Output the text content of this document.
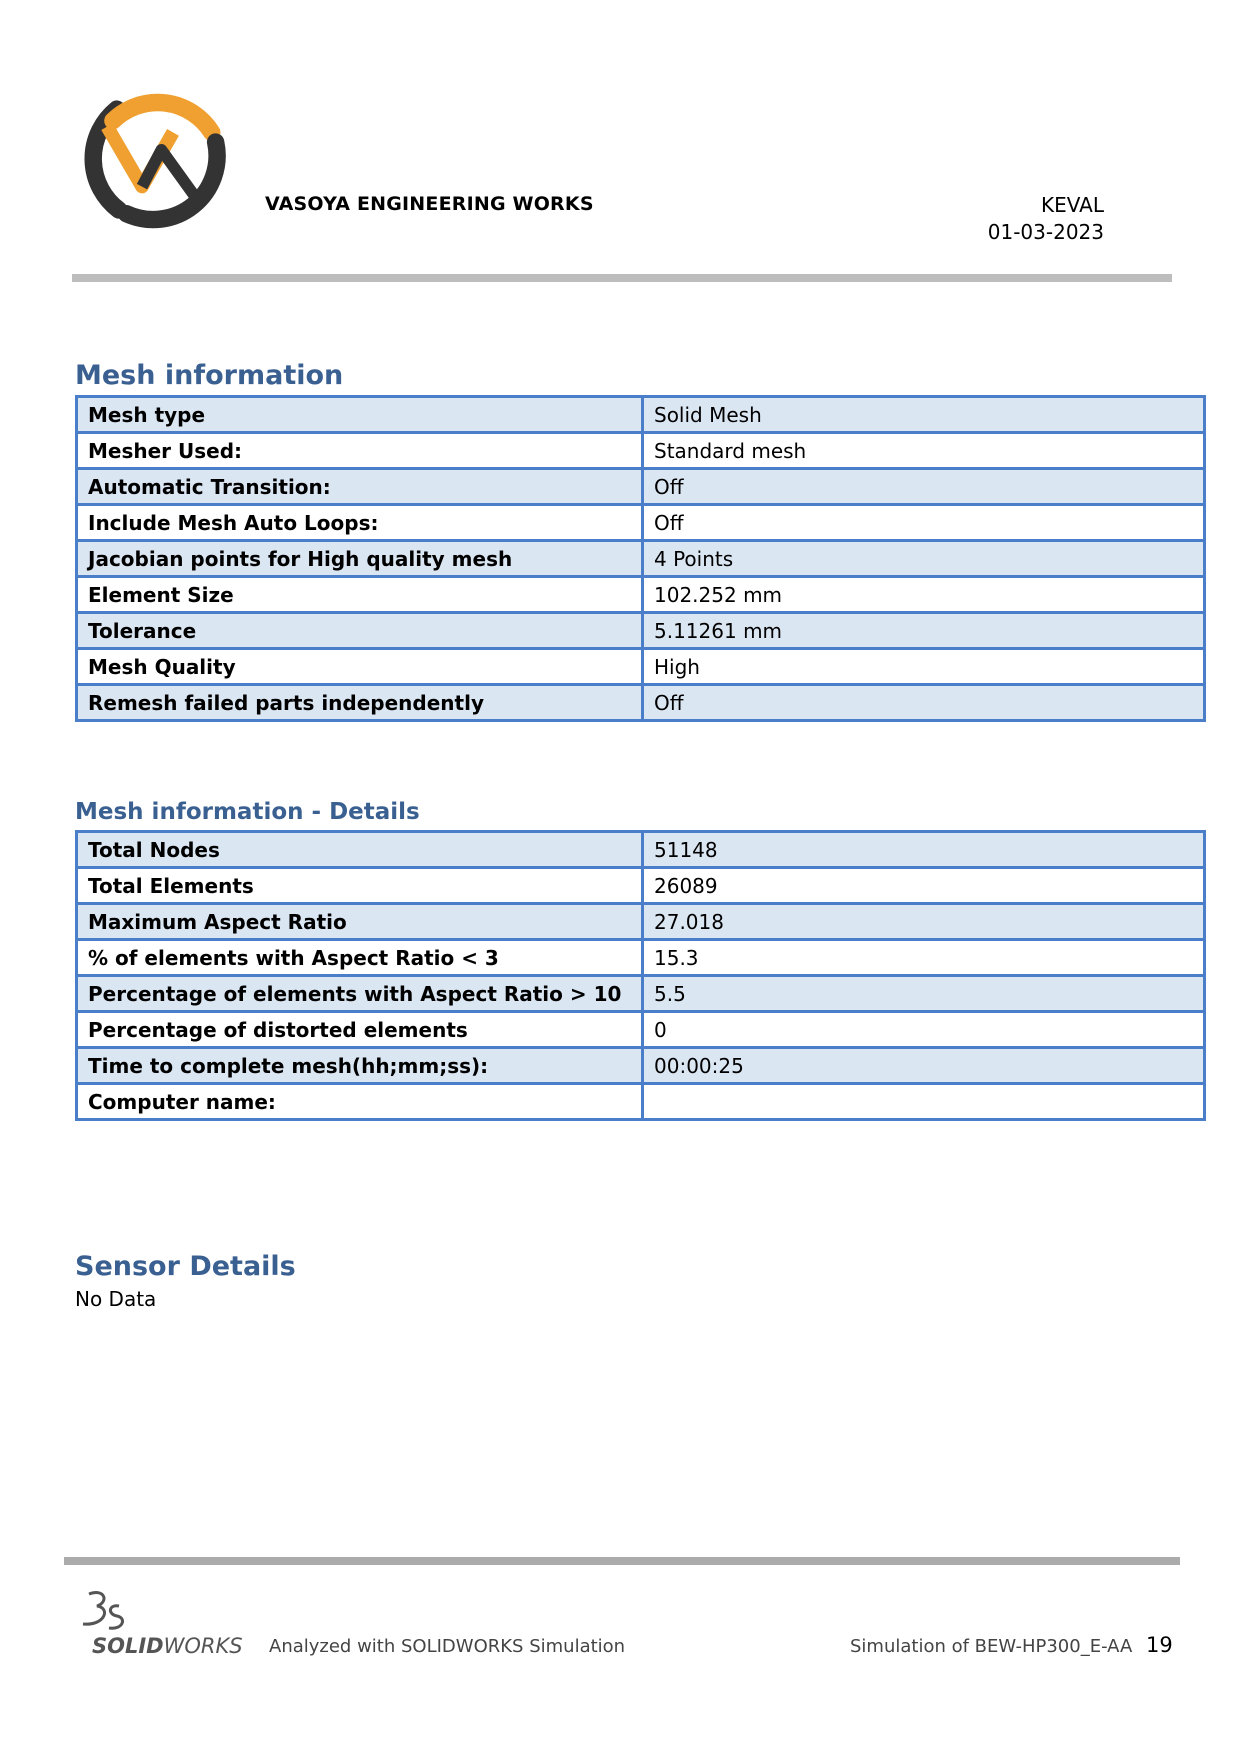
VASOYA ENGINEERING WORKS	KEVAL
01-03-2023
Mesh information
Mesh type	Solid Mesh
Mesher Used:	Standard mesh
Automatic Transition:	Off
Include Mesh Auto Loops:	Off
Jacobian points for High quality mesh	4 Points
Element Size	102.252 mm
Tolerance	5.11261 mm
Mesh Quality	High
Remesh failed parts independently	Off
Mesh information - Details
Total Nodes	51148
Total Elements	26089
Maximum Aspect Ratio	27.018
% of elements with Aspect Ratio < 3	15.3
Percentage of elements with Aspect Ratio > 10	5.5
Percentage of distorted elements	0
Time to complete mesh(hh;mm;ss):	00:00:25
Computer name:	
Sensor Details
No Data
SOLIDWORKS Analyzed with SOLIDWORKS Simulation	Simulation of BEW-HP300_E-AA 19
